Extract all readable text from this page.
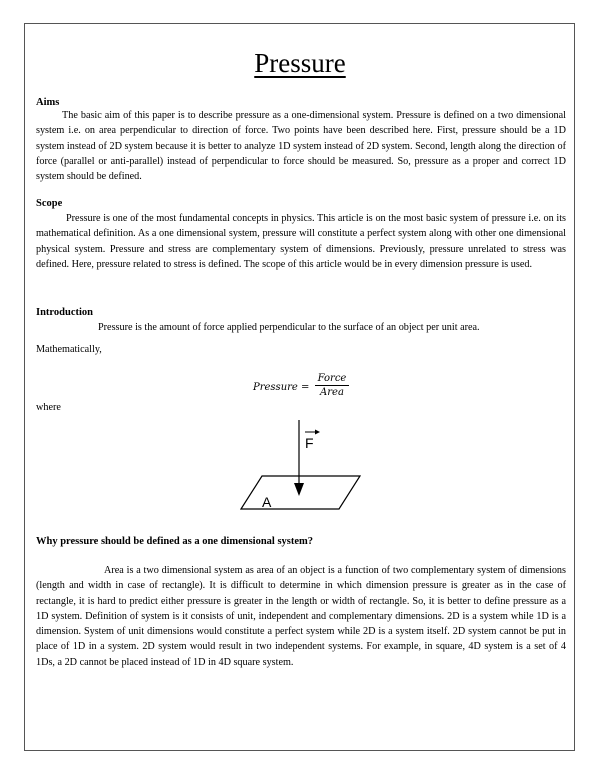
Pressure
Aims

The basic aim of this paper is to describe pressure as a one-dimensional system. Pressure is defined on a two dimensional system i.e. on area perpendicular to direction of force. Two points have been described here. First, pressure should be a 1D system instead of 2D system because it is better to analyze 1D system instead of 2D system. Second, length along the direction of force (parallel or anti-parallel) instead of perpendicular to force should be measured. So, pressure as a proper and correct 1D system should be defined.

Scope

Pressure is one of the most fundamental concepts in physics. This article is on the most basic system of pressure i.e. on its mathematical definition. As a one dimensional system, pressure will constitute a perfect system along with other one dimensional physical system. Pressure and stress are complementary system of dimensions. Previously, pressure unrelated to stress was defined. Here, pressure related to stress is defined. The scope of this article would be in every dimension pressure is used.

Introduction

Pressure is the amount of force applied perpendicular to the surface of an object per unit area.

Mathematically,
Pressure =
Force
Area
where
F
A
Why pressure should be defined as a one dimensional system?

Area is a two dimensional system as area of an object is a function of two complementary system of dimensions (length and width in case of rectangle). It is difficult to determine in which dimension pressure is greater as in the case of rectangle, it is hard to predict either pressure is greater in the length or width of rectangle. So, it is better to define pressure as a 1D system. Definition of system is it consists of unit, independent and complementary dimensions. 2D is a system while 1D is a dimension. System of unit dimensions would constitute a perfect system while 2D is a system itself. 2D system cannot be put in place of 1D in a system. 2D system would result in two independent systems. For example, in square, 4D system is a set of 4 1Ds, a 2D cannot be placed instead of 1D in 4D square system.
